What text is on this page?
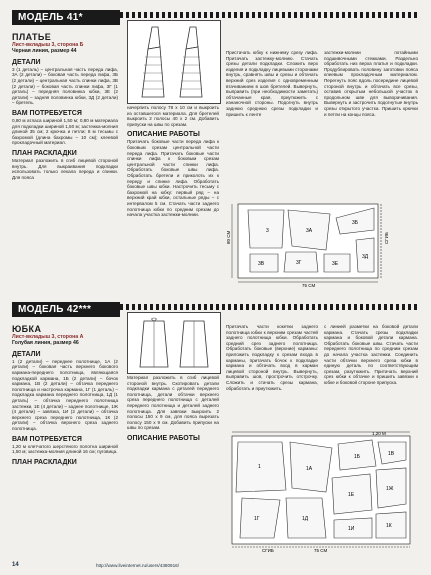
МОДЕЛЬ 41*
ПЛАТЬЕ
Лист-вкладыш 3, сторона Б
Черная линия, размер 44
ДЕТАЛИ
3 (1 деталь) – центральная часть переда лифа, 3А (2 детали) – боковая часть переда лифа, 3Б (2 детали) – центральная часть спинки лифа, 3В (2 детали) – боковая часть спинки лифа, 3Г (1 деталь) – передняя половинка юбки, 3Е (2 детали) – задняя половинка юбки, 3Д (2 детали) – бретель.
ВАМ ПОТРЕБУЕТСЯ
0,80 м атласа шириной 1,50 м; 0,80 м материала для подкладки шириной 1,50 м; застежка-молния длиной 35 см; 2 крючка и петли; 8 м тесьмы с бахромой (длина бахромы – 10 см); клеевой прокладочный материал.
ПЛАН РАСКЛАДКИ
Материал разложить в сгиб лицевой стороной внутрь. Для выкраивания подкладки использовать только лекала переда и спинки. Для пояса
начерпить полосу 78 х 10 см и выкроить из оставшегося материала. Для бретелей выкроить 2 полосы 40 х 2 см. Добавить припуски на швы по срезам.
ОПИСАНИЕ РАБОТЫ
Притачать боковые части переда лифа к боковым срезам центральной части переда лифа. Притачать боковые части спинки лифа к боковым срезам центральной части спинки лифа. Обработать боковые швы лифа. Обработать бретели и приколоть их к переду и спинке лифа. Обработать боковые швы юбки. Настрочить тесьму с бахромой на юбку: первый ряд – на верхний край юбки, остальные ряды – с интервалом 5 см. Стачать части заднего полотнища юбки по средним срезам до начала участка застежки-молнии.
Пристачать юбку к нижнему срезу лифа. Притачать застежку-молнию. Стачать срезы детали подкладки. Сложить верх изделия и подкладку лицевыми сторонами внутрь, сравнять швы и срезы и обтачать верхний срез изделия с одновременным втачиванием в шов бретелей. Вывернуть, выправить (при необходимости заметать) обтачанные края, приутюжить с изнаночной стороны. Подогнуть внутрь заднюю среднюю срезы подкладки и пришить к ленте
застежки-молнии потайными подшивочными стежками. Раздельно обработать низ верха платья и подкладки. Продублировать половину заготовки пояса клеевым прокладочным материалом. Перегнуть пояс вдоль посередине лицевой стороной внутрь и обтачать все срезы, оставив открытым небольшой участок в продольном шве для выворачивания. Вывернуть и застрочить подогнутые внутрь срезы открытого участка. Пришить крючки и петли на концы пояса.
3	3А
3Б
3В	3Г	3Е
3Д
75 СМ
80 СМ	СГИБ
МОДЕЛЬ 42***
ЮБКА
Лист-вкладыш 3, сторона А
Голубая линия, размер 46
ДЕТАЛИ
1 (2 детали) – переднее полотнище, 1А (2 детали) – боковая часть верхнего бокового кармана-переднего полотнища, являющаяся подкладкой кармана, 1Б (2 детали) – бочок кармана, 1В (2 детали) – обтачка переднего полотнища и настрочка кармана, 1Г (1 деталь) – подкладка кармана переднего полотнища, 1Д (1 деталь) – обтачка переднего полотнища застежки, 1Е (4 детали) – заднее полотнище, 1Ж (4 детали) – завязка, 1И (2 детали) – обтачка верхнего среза переднего полотнища, 1К (2 детали) – обтачка верхнего среза заднего полотнища.
ВАМ ПОТРЕБУЕТСЯ
1,20 м клетчатого шерстяного полотна шириной 1,50 м; застежка-молния длиной 16 см; пуговица.
ПЛАН РАСКЛАДКИ
Материал разложить в сгиб лицевой стороной внутрь. Скотировать детали подкладки кармана с деталей переднего полотнища, детали обтачки верхнего среза переднего полотнища с деталей переднего полотнища и деталей заднего полотнища. Для завязки выкроить 2 полосы 150 х 9 см, для пояса вырезать полосу 150 х 9 см. Добавить припуски на швы по срезам.
ОПИСАНИЕ РАБОТЫ
Притачать части кокетки заднего полотнища юбки к верхним срезам частей заднего полотнища юбки. Обработать средний срез заднего полотнища. Обработать боковые (верхние) карманы: приложить подкладку к срезам входа в карманы, притачать бочок к подкладке кармана и обтачать вход в карман лицевой стороной внутрь. Вывернуть, выправить шов, прострочить отстрочку. Сложить и стачать срезы кармана, обработать и приутюжить.
с линией разметки на боковой детали кармана. Стачать срезы подкладки кармана и боковой детали кармана. Обработать боковые швы. Стачать части переднего полотнища по средним срезам до начала участка застежки. Соединить части обтачки верхнего среза юбки в единую деталь по соответствующим срезам, разутюжить. Притачать верхний срез юбки к обтачке и пришить завязки к юбке и боковой стороне припуска.
1	1А
1Б	1В
1Г	1Д
1Е
1Ж
1И	1К
75 СМ
СГИБ
1,20 М
14	http://www.liveinternet.ru/users/4380916/
